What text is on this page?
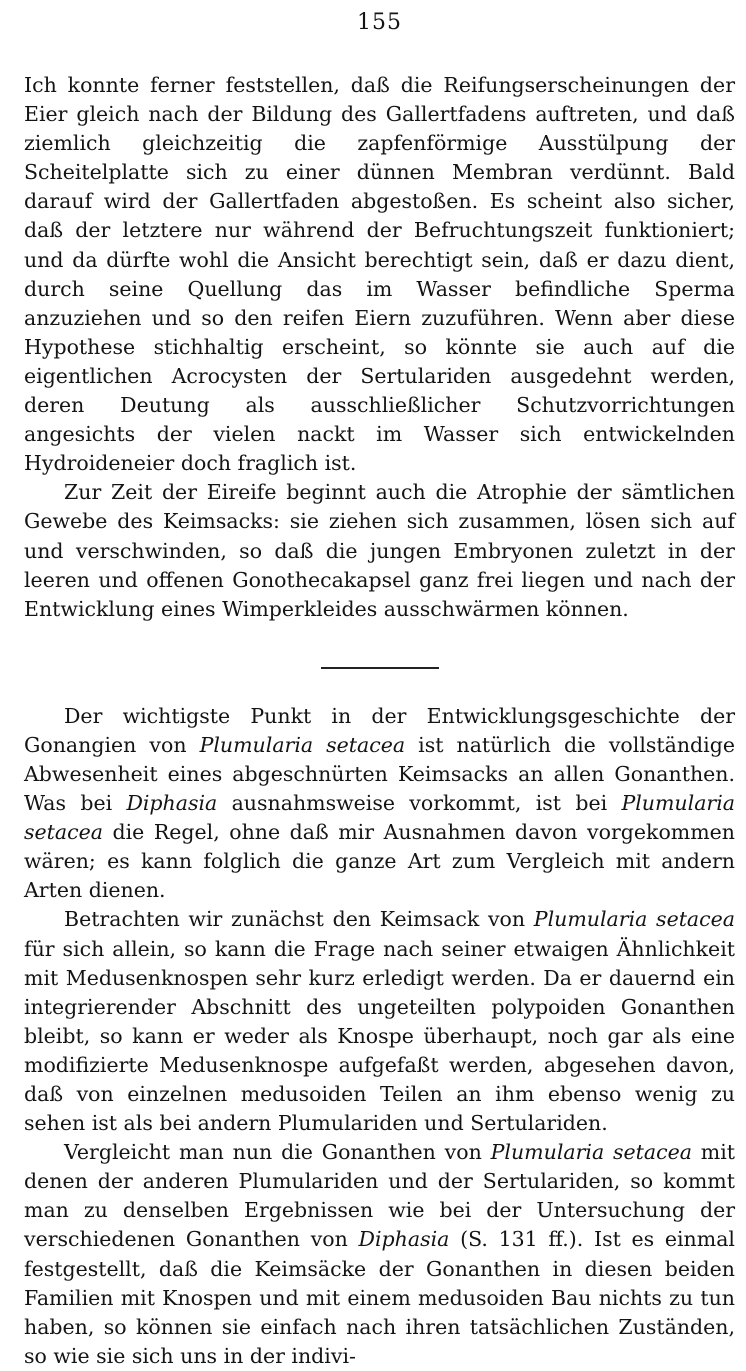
155

Ich konnte ferner feststellen, daß die Reifungserscheinungen der Eier gleich nach der Bildung des Gallertfadens auftreten, und daß ziemlich gleichzeitig die zapfenförmige Ausstülpung der Scheitelplatte sich zu einer dünnen Membran verdünnt. Bald darauf wird der Gallertfaden abgestoßen. Es scheint also sicher, daß der letztere nur während der Befruchtungszeit funktioniert; und da dürfte wohl die Ansicht berechtigt sein, daß er dazu dient, durch seine Quellung das im Wasser befindliche Sperma anzuziehen und so den reifen Eiern zuzuführen. Wenn aber diese Hypothese stichhaltig erscheint, so könnte sie auch auf die eigentlichen Acrocysten der Sertulariden ausgedehnt werden, deren Deutung als ausschließlicher Schutzvorrichtungen angesichts der vielen nackt im Wasser sich entwickelnden Hydroideneier doch fraglich ist.

Zur Zeit der Eireife beginnt auch die Atrophie der sämtlichen Gewebe des Keimsacks: sie ziehen sich zusammen, lösen sich auf und verschwinden, so daß die jungen Embryonen zuletzt in der leeren und offenen Gonothecakapsel ganz frei liegen und nach der Entwicklung eines Wimperkleides ausschwärmen können.

Der wichtigste Punkt in der Entwicklungsgeschichte der Gonangien von Plumularia setacea ist natürlich die vollständige Abwesenheit eines abgeschnürten Keimsacks an allen Gonanthen. Was bei Diphasia ausnahmsweise vorkommt, ist bei Plumularia setacea die Regel, ohne daß mir Ausnahmen davon vorgekommen wären; es kann folglich die ganze Art zum Vergleich mit andern Arten dienen.

Betrachten wir zunächst den Keimsack von Plumularia setacea für sich allein, so kann die Frage nach seiner etwaigen Ähnlichkeit mit Medusenknospen sehr kurz erledigt werden. Da er dauernd ein integrierender Abschnitt des ungeteilten polypoiden Gonanthen bleibt, so kann er weder als Knospe überhaupt, noch gar als eine modifizierte Medusenknospe aufgefaßt werden, abgesehen davon, daß von einzelnen medusoiden Teilen an ihm ebenso wenig zu sehen ist als bei andern Plumulariden und Sertulariden.

Vergleicht man nun die Gonanthen von Plumularia setacea mit denen der anderen Plumulariden und der Sertulariden, so kommt man zu denselben Ergebnissen wie bei der Untersuchung der verschiedenen Gonanthen von Diphasia (S. 131 ff.). Ist es einmal festgestellt, daß die Keimsäcke der Gonanthen in diesen beiden Familien mit Knospen und mit einem medusoiden Bau nichts zu tun haben, so können sie einfach nach ihren tatsächlichen Zuständen, so wie sie sich uns in der indivi-
